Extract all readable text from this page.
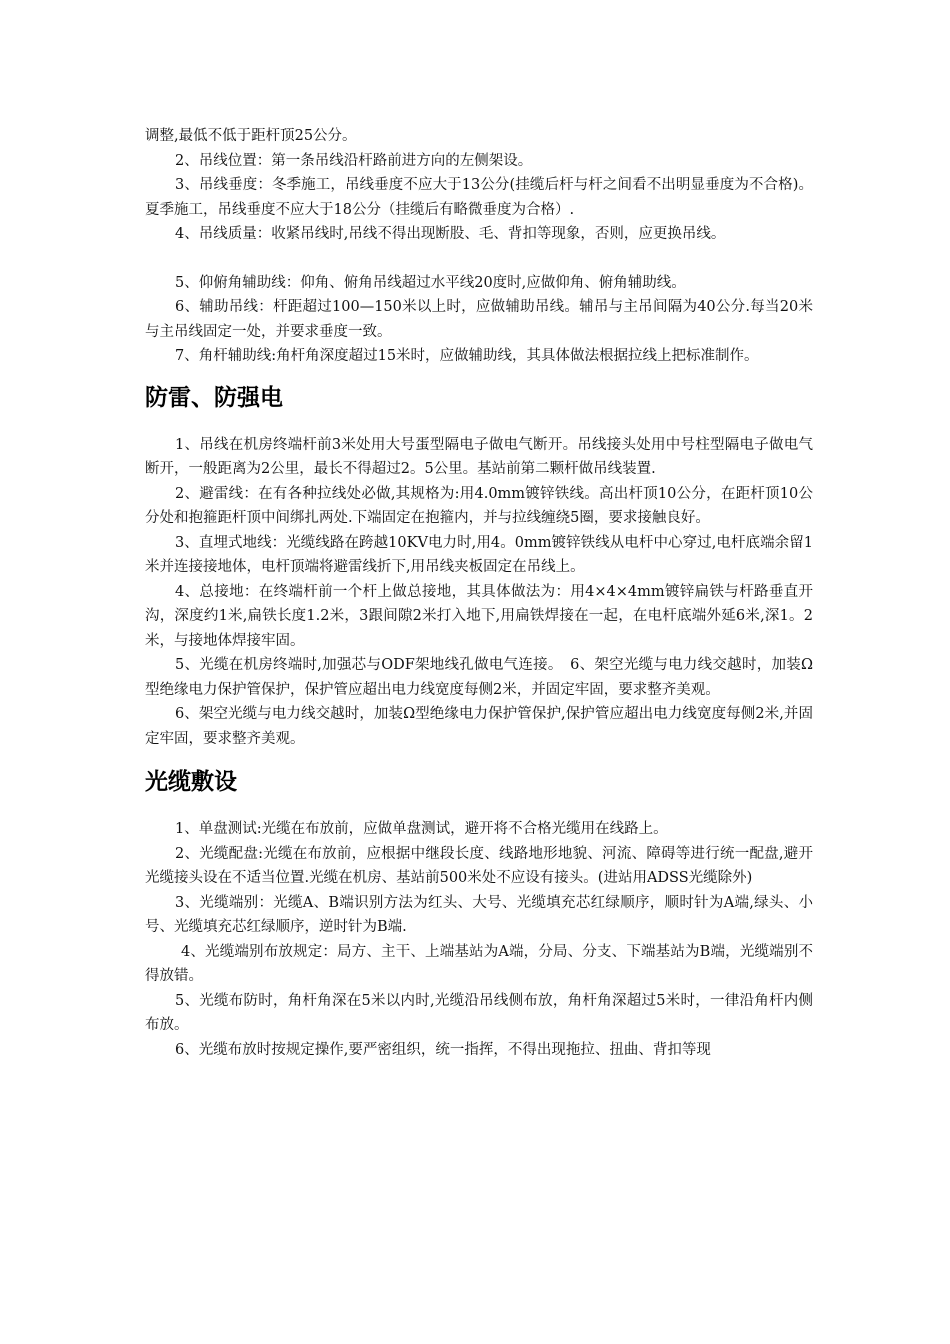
调整,最低不低于距杆顶25公分。

2、吊线位置：第一条吊线沿杆路前进方向的左侧架设。

3、吊线垂度：冬季施工，吊线垂度不应大于13公分(挂缆后杆与杆之间看不出明显垂度为不合格)。夏季施工，吊线垂度不应大于18公分（挂缆后有略微垂度为合格）.

4、吊线质量：收紧吊线时,吊线不得出现断股、毛、背扣等现象，否则，应更换吊线。

5、仰俯角辅助线：仰角、俯角吊线超过水平线20度时,应做仰角、俯角辅助线。

6、辅助吊线：杆距超过100—150米以上时，应做辅助吊线。辅吊与主吊间隔为40公分.每当20米与主吊线固定一处，并要求垂度一致。

7、角杆辅助线:角杆角深度超过15米时，应做辅助线，其具体做法根据拉线上把标准制作。

防雷、防强电

1、吊线在机房终端杆前3米处用大号蛋型隔电子做电气断开。吊线接头处用中号柱型隔电子做电气断开，一般距离为2公里，最长不得超过2。5公里。基站前第二颗杆做吊线装置.

2、避雷线：在有各种拉线处必做,其规格为:用4.0mm镀锌铁线。高出杆顶10公分，在距杆顶10公分处和抱箍距杆顶中间绑扎两处.下端固定在抱箍内，并与拉线缠绕5圈，要求接触良好。

3、直埋式地线：光缆线路在跨越10KV电力时,用4。0mm镀锌铁线从电杆中心穿过,电杆底端余留1米并连接接地体，电杆顶端将避雷线折下,用吊线夹板固定在吊线上。

4、总接地：在终端杆前一个杆上做总接地，其具体做法为：用4×4×4mm镀锌扁铁与杆路垂直开沟，深度约1米,扁铁长度1.2米，3跟间隙2米打入地下,用扁铁焊接在一起，在电杆底端外延6米,深1。2米，与接地体焊接牢固。

5、光缆在机房终端时,加强芯与ODF架地线孔做电气连接。　6、架空光缆与电力线交越时，加装Ω型绝缘电力保护管保护，保护管应超出电力线宽度每侧2米，并固定牢固，要求整齐美观。

6、架空光缆与电力线交越时，加装Ω型绝缘电力保护管保护,保护管应超出电力线宽度每侧2米,并固定牢固，要求整齐美观。

光缆敷设

1、单盘测试:光缆在布放前，应做单盘测试，避开将不合格光缆用在线路上。

2、光缆配盘:光缆在布放前，应根据中继段长度、线路地形地貌、河流、障碍等进行统一配盘,避开光缆接头设在不适当位置.光缆在机房、基站前500米处不应设有接头。(进站用ADSS光缆除外)

3、光缆端别：光缆A、B端识别方法为红头、大号、光缆填充芯红绿顺序，顺时针为A端,绿头、小号、光缆填充芯红绿顺序，逆时针为B端.

4、光缆端别布放规定：局方、主干、上端基站为A端，分局、分支、下端基站为B端，光缆端别不得放错。

5、光缆布防时，角杆角深在5米以内时,光缆沿吊线侧布放，角杆角深超过5米时，一律沿角杆内侧布放。

6、光缆布放时按规定操作,要严密组织，统一指挥，不得出现拖拉、扭曲、背扣等现
